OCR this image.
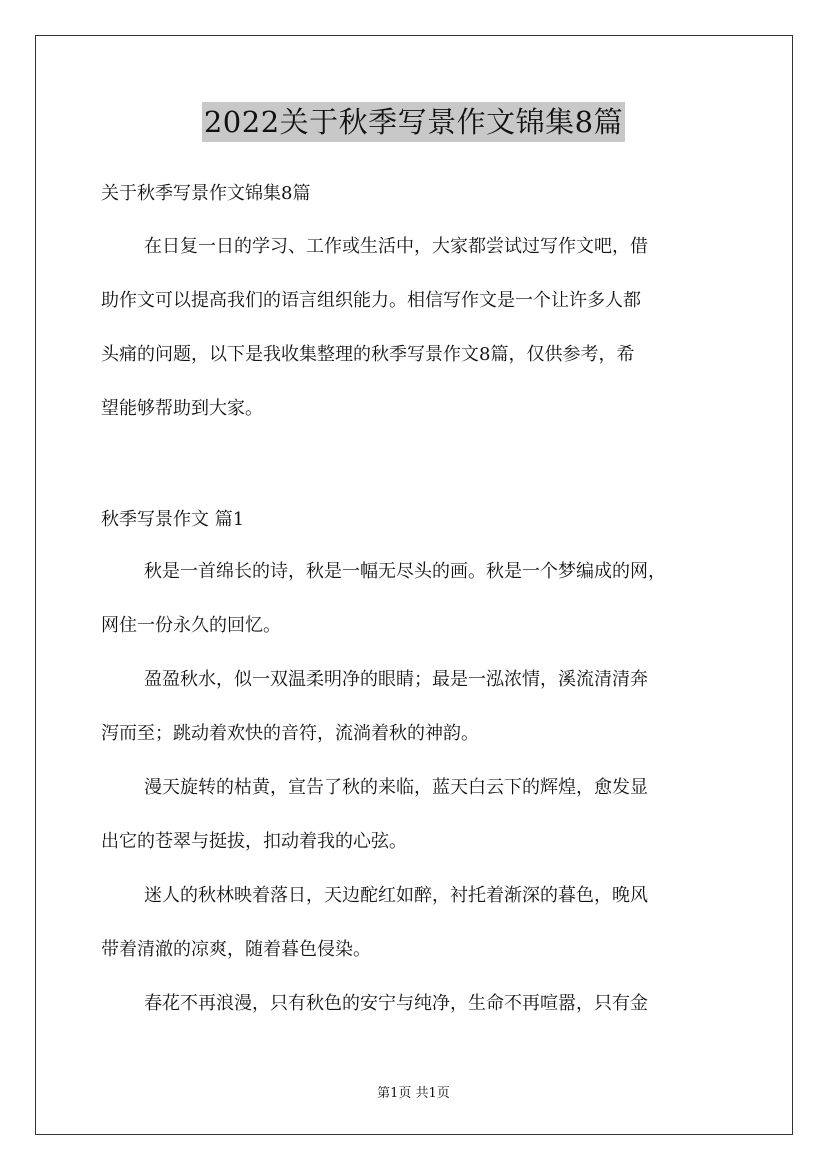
2022关于秋季写景作文锦集8篇
关于秋季写景作文锦集8篇
在日复一日的学习、工作或生活中，大家都尝试过写作文吧，借
助作文可以提高我们的语言组织能力。相信写作文是一个让许多人都
头痛的问题，以下是我收集整理的秋季写景作文8篇，仅供参考，希
望能够帮助到大家。
秋季写景作文 篇1
秋是一首绵长的诗，秋是一幅无尽头的画。秋是一个梦编成的网，
网住一份永久的回忆。
盈盈秋水，似一双温柔明净的眼睛；最是一泓浓情，溪流清清奔
泻而至；跳动着欢快的音符，流淌着秋的神韵。
漫天旋转的枯黄，宣告了秋的来临，蓝天白云下的辉煌，愈发显
出它的苍翠与挺拔，扣动着我的心弦。
迷人的秋林映着落日，天边酡红如醉，衬托着渐深的暮色，晚风
带着清澈的凉爽，随着暮色侵染。
春花不再浪漫，只有秋色的安宁与纯净，生命不再喧嚣，只有金
第1页 共1页
